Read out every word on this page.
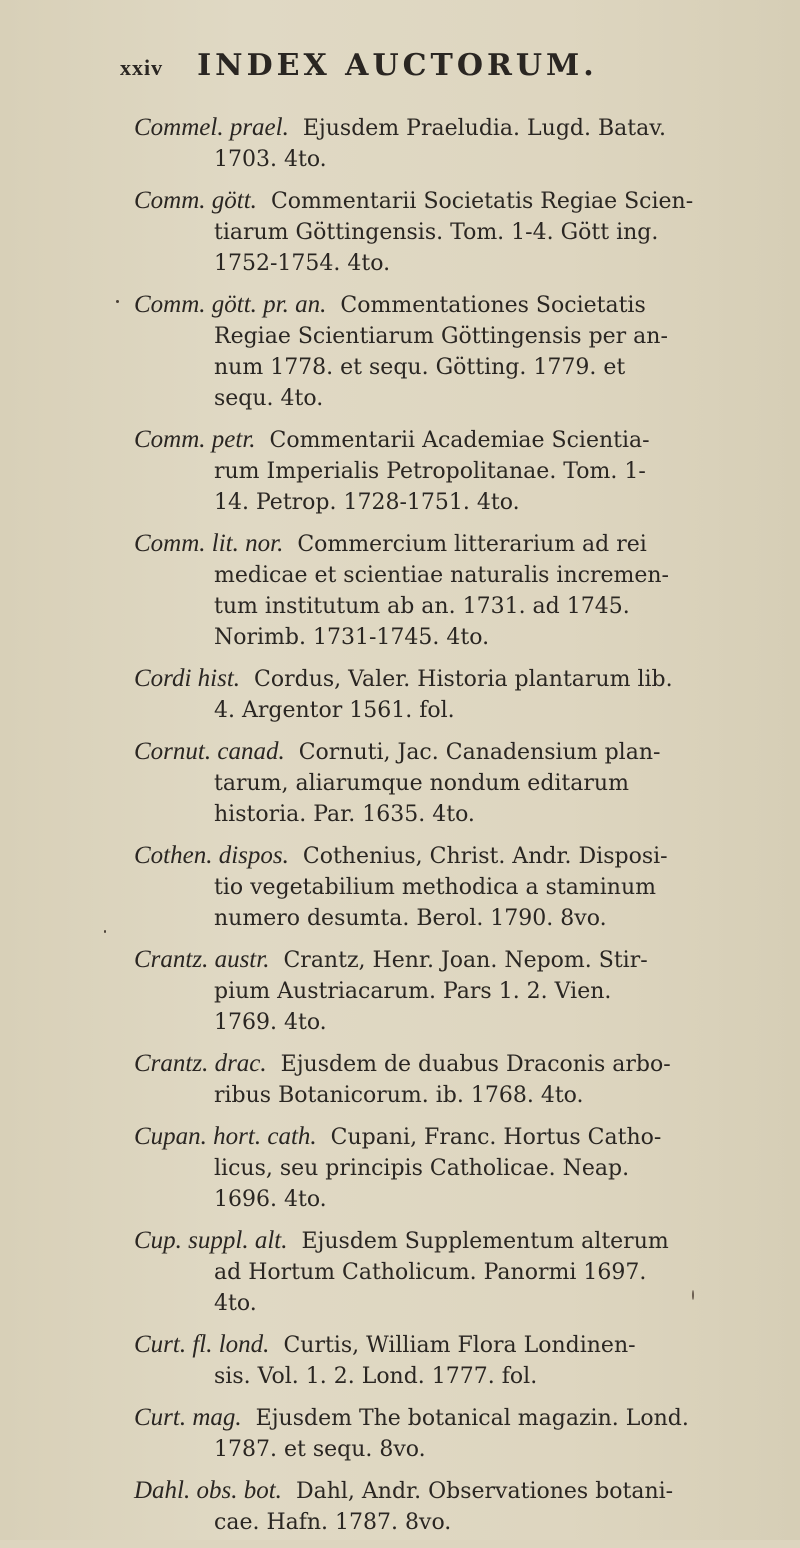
xxiv INDEX AUCTORUM.
Commel. prael. Ejusdem Praeludia. Lugd. Batav.
1703. 4to.
Comm. gött. Commentarii Societatis Regiae Scien-
tiarum Göttingensis. Tom. 1-4. Gött ing.
1752-1754. 4to.
Comm. gött. pr. an. Commentationes Societatis
Regiae Scientiarum Göttingensis per an-
num 1778. et sequ. Götting. 1779. et
sequ. 4to.
Comm. petr. Commentarii Academiae Scientia-
rum Imperialis Petropolitanae. Tom. 1-
14. Petrop. 1728-1751. 4to.
Comm. lit. nor. Commercium litterarium ad rei
medicae et scientiae naturalis incremen-
tum institutum ab an. 1731. ad 1745.
Norimb. 1731-1745. 4to.
Cordi hist. Cordus, Valer. Historia plantarum lib.
4. Argentor 1561. fol.
Cornut. canad. Cornuti, Jac. Canadensium plan-
tarum, aliarumque nondum editarum
historia. Par. 1635. 4to.
Cothen. dispos. Cothenius, Christ. Andr. Disposi-
tio vegetabilium methodica a staminum
numero desumta. Berol. 1790. 8vo.
Crantz. austr. Crantz, Henr. Joan. Nepom. Stir-
pium Austriacarum. Pars 1. 2. Vien.
1769. 4to.
Crantz. drac. Ejusdem de duabus Draconis arbo-
ribus Botanicorum. ib. 1768. 4to.
Cupan. hort. cath. Cupani, Franc. Hortus Catho-
licus, seu principis Catholicae. Neap.
1696. 4to.
Cup. suppl. alt. Ejusdem Supplementum alterum
ad Hortum Catholicum. Panormi 1697.
4to.
Curt. fl. lond. Curtis, William Flora Londinen-
sis. Vol. 1. 2. Lond. 1777. fol.
Curt. mag. Ejusdem The botanical magazin. Lond.
1787. et sequ. 8vo.
Dahl. obs. bot. Dahl, Andr. Observationes botani-
cae. Hafn. 1787. 8vo.
